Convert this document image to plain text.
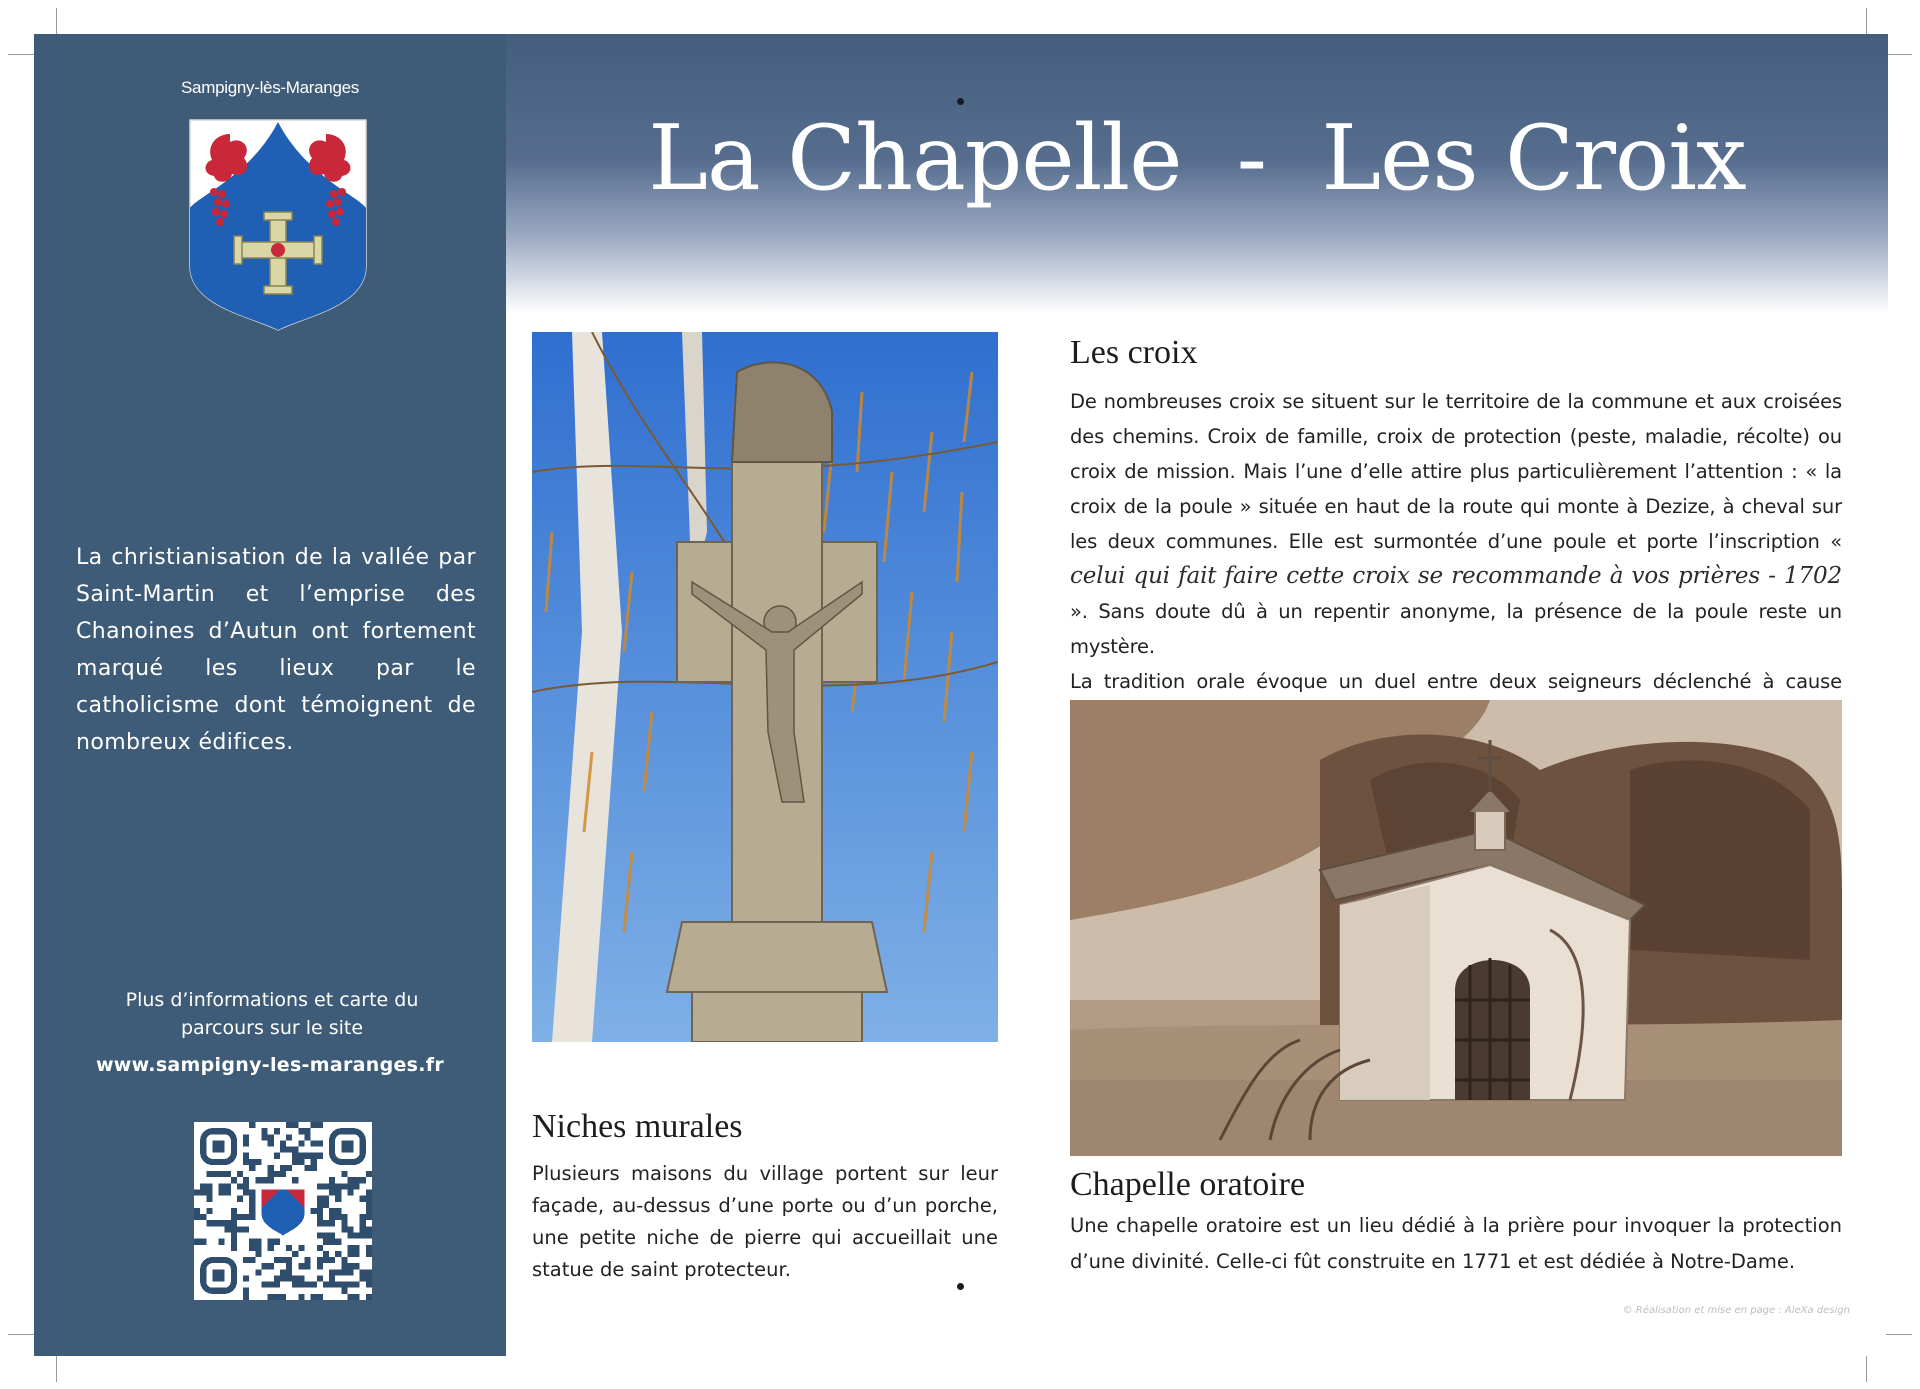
Sampigny-lès-Maranges
La christianisation de la vallée par Saint-Martin et l’emprise des Chanoines d’Autun ont fortement marqué les lieux par le catholicisme dont témoignent de nombreux édifices.
Plus d’informations et carte du parcours sur le site
www.sampigny-les-maranges.fr
La Chapelle  -  Les Croix
Les croix
De nombreuses croix se situent sur le territoire de la commune et aux croisées des chemins. Croix de famille, croix de protection (peste, maladie, récolte) ou croix de mission. Mais l’une d’elle attire plus particulièrement l’attention : « la croix de la poule » située en haut de la route qui monte à Dezize, à cheval sur les deux communes. Elle est surmontée d’une poule et porte l’inscription « celui qui fait faire cette croix se recommande à vos prières - 1702 ». Sans doute dû à un repentir anonyme, la présence de la poule reste un mystère.
La tradition orale évoque un duel entre deux seigneurs déclenché à cause
Niches murales
Plusieurs maisons du village portent sur leur façade, au-dessus d’une porte ou d’un porche, une petite niche de pierre qui accueillait une statue de saint protecteur.
Chapelle oratoire
Une chapelle oratoire est un lieu dédié à la prière pour invoquer la protection d’une divinité. Celle-ci fût construite en 1771 et est dédiée à Notre-Dame.
© Réalisation et mise en page : AleXa design
